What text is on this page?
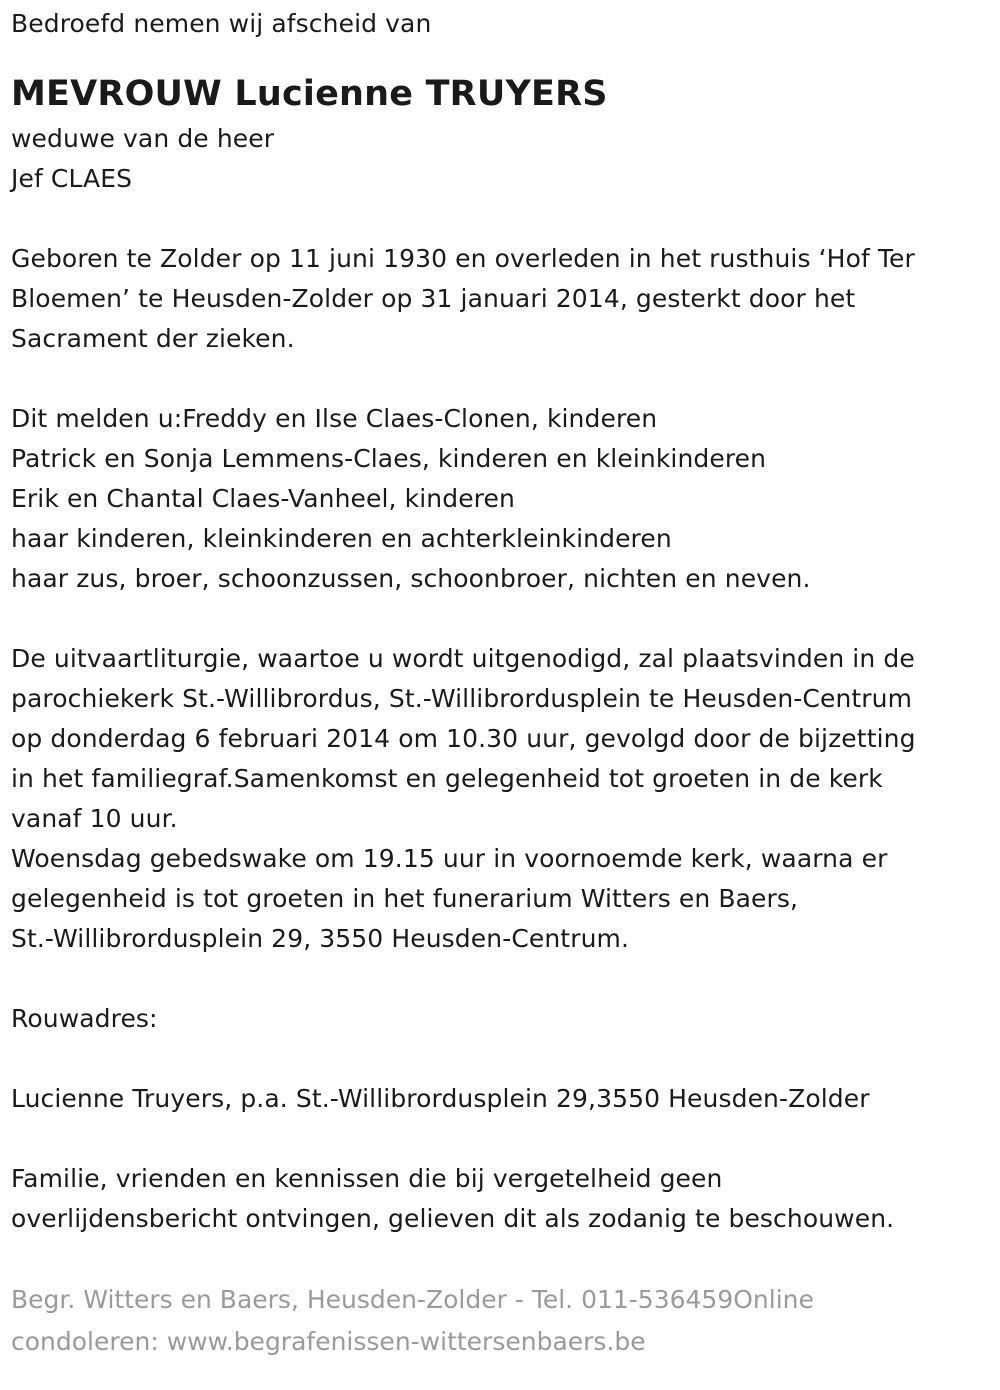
Bedroefd nemen wij afscheid van

MEVROUW Lucienne TRUYERS

weduwe van de heer

Jef CLAES

Geboren te Zolder op 11 juni 1930 en overleden in het rusthuis ‘Hof Ter

Bloemen’ te Heusden-Zolder op 31 januari 2014, gesterkt door het

Sacrament der zieken.

Dit melden u:Freddy en Ilse Claes-Clonen, kinderen

Patrick en Sonja Lemmens-Claes, kinderen en kleinkinderen

Erik en Chantal Claes-Vanheel, kinderen

haar kinderen, kleinkinderen en achterkleinkinderen

haar zus, broer, schoonzussen, schoonbroer, nichten en neven.

De uitvaartliturgie, waartoe u wordt uitgenodigd, zal plaatsvinden in de

parochiekerk St.-Willibrordus, St.-Willibrordusplein te Heusden-Centrum

op donderdag 6 februari 2014 om 10.30 uur, gevolgd door de bijzetting

in het familiegraf.Samenkomst en gelegenheid tot groeten in de kerk

vanaf 10 uur.

Woensdag gebedswake om 19.15 uur in voornoemde kerk, waarna er

gelegenheid is tot groeten in het funerarium Witters en Baers,

St.-Willibrordusplein 29, 3550 Heusden-Centrum.

Rouwadres:

Lucienne Truyers, p.a. St.-Willibrordusplein 29,3550 Heusden-Zolder

Familie, vrienden en kennissen die bij vergetelheid geen

overlijdensbericht ontvingen, gelieven dit als zodanig te beschouwen.

Begr. Witters en Baers, Heusden-Zolder - Tel. 011-536459Online

condoleren: www.begrafenissen-wittersenbaers.be
